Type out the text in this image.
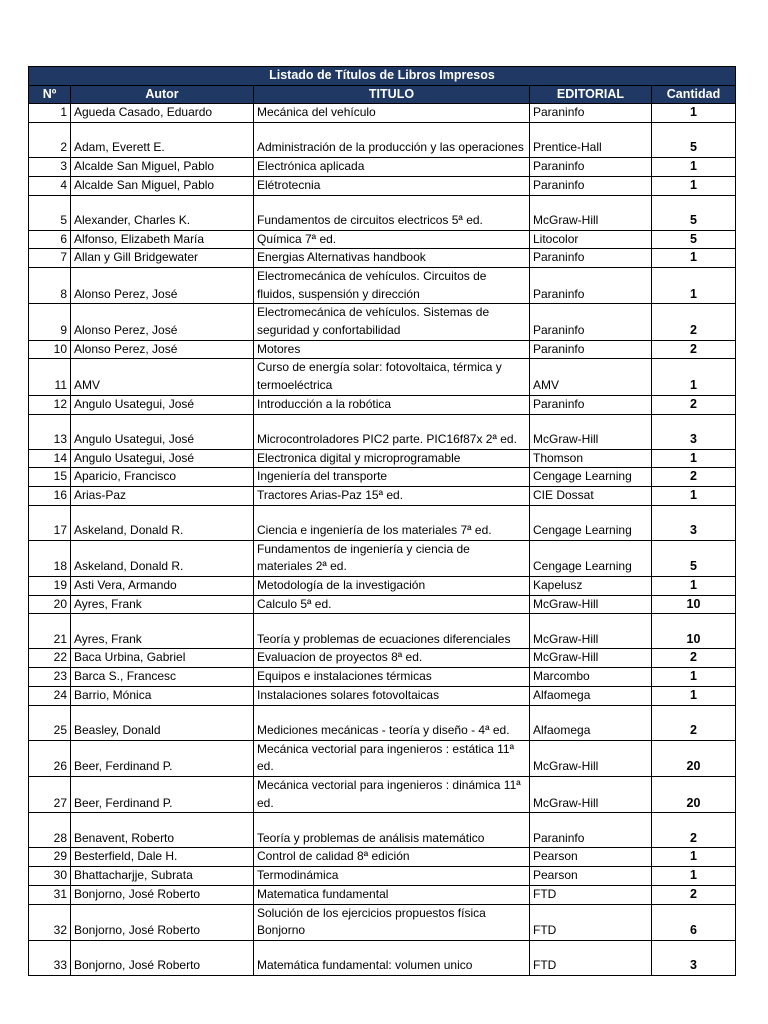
Listado de Títulos de Libros Impresos				
Nº	Autor	TITULO	EDITORIAL	Cantidad
1	Agueda Casado, Eduardo	Mecánica del vehículo	Paraninfo	1
2	Adam, Everett E.	Administración de la producción y las operaciones	Prentice-Hall	5
3	Alcalde San Miguel, Pablo	Electrónica aplicada	Paraninfo	1
4	Alcalde San Miguel, Pablo	Elétrotecnia	Paraninfo	1
5	Alexander, Charles K.	Fundamentos de circuitos electricos 5ª ed.	McGraw-Hill	5
6	Alfonso, Elizabeth María	Química 7ª ed.	Litocolor	5
7	Allan y Gill Bridgewater	Energias Alternativas handbook	Paraninfo	1
8	Alonso Perez, José	Electromecánica de vehículos. Circuitos de fluidos, suspensión y dirección	Paraninfo	1
9	Alonso Perez, José	Electromecánica de vehículos. Sistemas de seguridad y confortabilidad	Paraninfo	2
10	Alonso Perez, José	Motores	Paraninfo	2
11	AMV	Curso de energía solar: fotovoltaica, térmica y termoeléctrica	AMV	1
12	Angulo Usategui, José	Introducción a la robótica	Paraninfo	2
13	Angulo Usategui, José	Microcontroladores PIC2 parte. PIC16f87x 2ª ed.	McGraw-Hill	3
14	Angulo Usategui, José	Electronica digital y microprogramable	Thomson	1
15	Aparicio, Francisco	Ingeniería del transporte	Cengage Learning	2
16	Arias-Paz	Tractores Arias-Paz 15ª ed.	CIE Dossat	1
17	Askeland, Donald R.	Ciencia e ingeniería de los materiales 7ª ed.	Cengage Learning	3
18	Askeland, Donald R.	Fundamentos de ingeniería y ciencia de materiales 2ª ed.	Cengage Learning	5
19	Asti Vera, Armando	Metodología de la investigación	Kapelusz	1
20	Ayres, Frank	Calculo 5ª ed.	McGraw-Hill	10
21	Ayres, Frank	Teoría y problemas de ecuaciones diferenciales	McGraw-Hill	10
22	Baca Urbina, Gabriel	Evaluacion de proyectos 8ª ed.	McGraw-Hill	2
23	Barca S., Francesc	Equipos e instalaciones térmicas	Marcombo	1
24	Barrio, Mónica	Instalaciones solares fotovoltaicas	Alfaomega	1
25	Beasley, Donald	Mediciones mecánicas - teoría y diseño - 4ª ed.	Alfaomega	2
26	Beer, Ferdinand P.	Mecánica vectorial para ingenieros : estática 11ª ed.	McGraw-Hill	20
27	Beer, Ferdinand P.	Mecánica vectorial para ingenieros : dinámica 11ª ed.	McGraw-Hill	20
28	Benavent, Roberto	Teoría y problemas de análisis matemático	Paraninfo	2
29	Besterfield, Dale H.	Control de calidad 8ª edición	Pearson	1
30	Bhattacharjje, Subrata	Termodinámica	Pearson	1
31	Bonjorno, José Roberto	Matematica fundamental	FTD	2
32	Bonjorno, José Roberto	Solución de los ejercicios propuestos física Bonjorno	FTD	6
33	Bonjorno, José Roberto	Matemática fundamental: volumen unico	FTD	3
